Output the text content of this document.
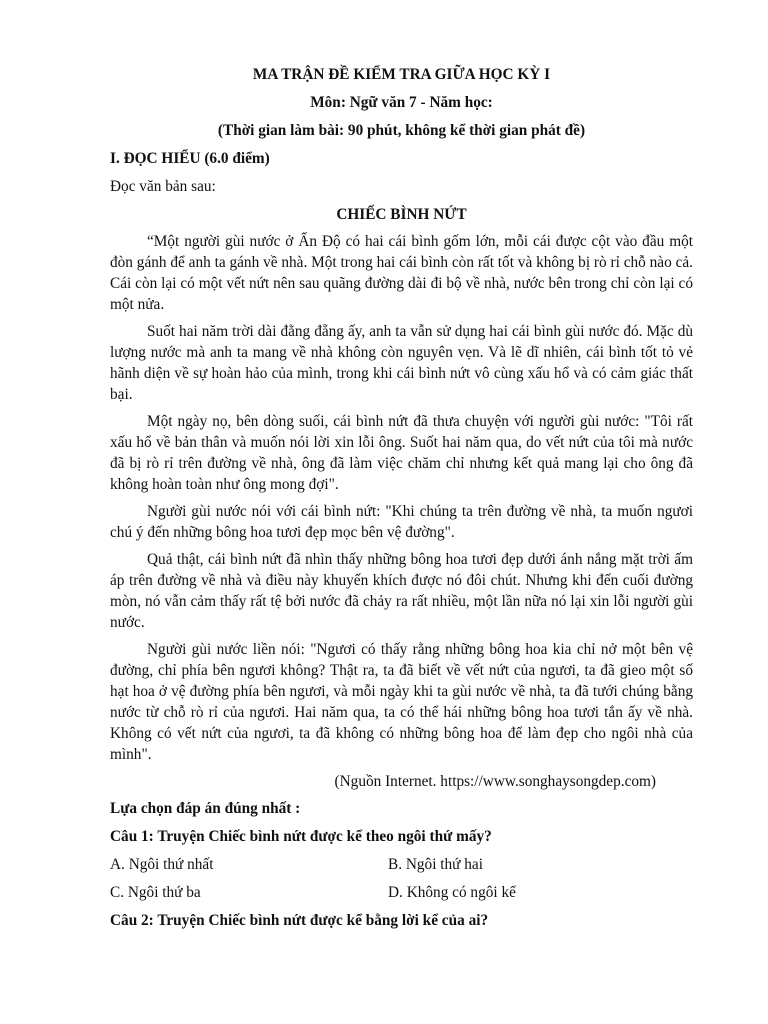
MA TRẬN ĐỀ KIỂM TRA GIỮA HỌC KỲ I
Môn: Ngữ văn 7 - Năm học:
(Thời gian làm bài: 90 phút, không kể thời gian phát đề)
I. ĐỌC HIỂU (6.0 điểm)
Đọc văn bản sau:
CHIẾC BÌNH NỨT

“Một người gùi nước ở Ấn Độ có hai cái bình gốm lớn, mỗi cái được cột vào đầu một đòn gánh để anh ta gánh về nhà. Một trong hai cái bình còn rất tốt và không bị rò rỉ chỗ nào cả. Cái còn lại có một vết nứt nên sau quãng đường dài đi bộ về nhà, nước bên trong chỉ còn lại có một nửa.

Suốt hai năm trời dài đằng đẵng ấy, anh ta vẫn sử dụng hai cái bình gùi nước đó. Mặc dù lượng nước mà anh ta mang về nhà không còn nguyên vẹn. Và lẽ dĩ nhiên, cái bình tốt tỏ vẻ hãnh diện về sự hoàn hảo của mình, trong khi cái bình nứt vô cùng xấu hổ và có cảm giác thất bại.

Một ngày nọ, bên dòng suối, cái bình nứt đã thưa chuyện với người gùi nước: "Tôi rất xấu hổ về bản thân và muốn nói lời xin lỗi ông. Suốt hai năm qua, do vết nứt của tôi mà nước đã bị rò rỉ trên đường về nhà, ông đã làm việc chăm chỉ nhưng kết quả mang lại cho ông đã không hoàn toàn như ông mong đợi".

Người gùi nước nói với cái bình nứt: "Khi chúng ta trên đường về nhà, ta muốn ngươi chú ý đến những bông hoa tươi đẹp mọc bên vệ đường".

Quả thật, cái bình nứt đã nhìn thấy những bông hoa tươi đẹp dưới ánh nắng mặt trời ấm áp trên đường về nhà và điều này khuyến khích được nó đôi chút. Nhưng khi đến cuối đường mòn, nó vẫn cảm thấy rất tệ bởi nước đã chảy ra rất nhiều, một lần nữa nó lại xin lỗi người gùi nước.

Người gùi nước liền nói: "Ngươi có thấy rằng những bông hoa kia chỉ nở một bên vệ đường, chỉ phía bên ngươi không? Thật ra, ta đã biết về vết nứt của ngươi, ta đã gieo một số hạt hoa ở vệ đường phía bên ngươi, và mỗi ngày khi ta gùi nước về nhà, ta đã tưới chúng bằng nước từ chỗ rò rỉ của ngươi. Hai năm qua, ta có thể hái những bông hoa tươi tắn ấy về nhà. Không có vết nứt của ngươi, ta đã không có những bông hoa để làm đẹp cho ngôi nhà của mình".

(Nguồn Internet. https://www.songhaysongdep.com)
Lựa chọn đáp án đúng nhất :
Câu 1: Truyện Chiếc bình nứt được kể theo ngôi thứ mấy?
A. Ngôi thứ nhất	B. Ngôi thứ hai
C. Ngôi thứ ba	D. Không có ngôi kể
Câu 2: Truyện Chiếc bình nứt được kể bằng lời kể của ai?
